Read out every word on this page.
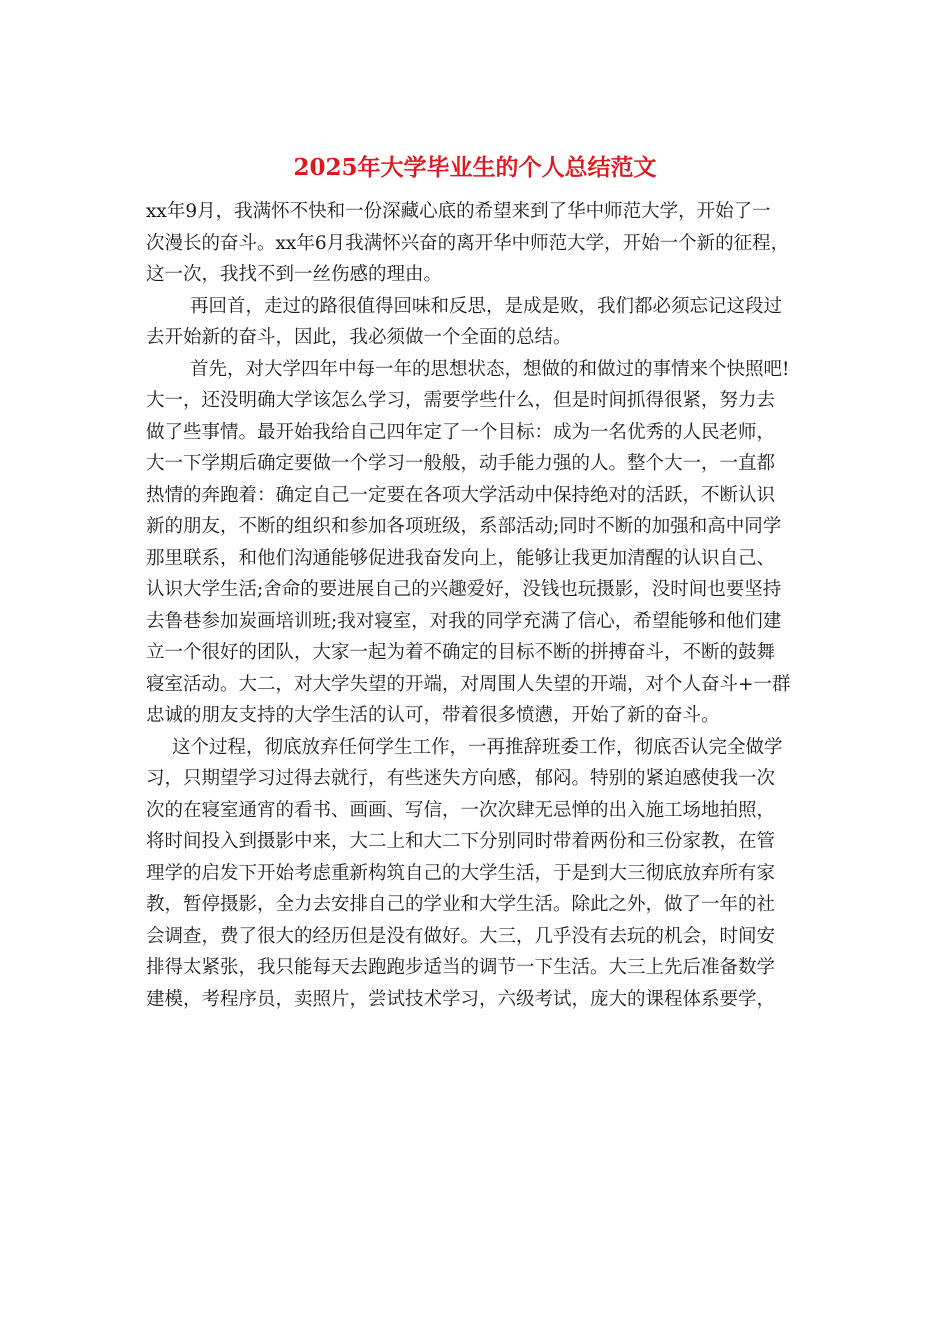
2025年大学毕业生的个人总结范文
xx年9月，我满怀不快和一份深藏心底的希望来到了华中师范大学，开始了一
次漫长的奋斗。xx年6月我满怀兴奋的离开华中师范大学，开始一个新的征程，
这一次，我找不到一丝伤感的理由。
再回首，走过的路很值得回味和反思，是成是败，我们都必须忘记这段过
去开始新的奋斗，因此，我必须做一个全面的总结。
首先，对大学四年中每一年的思想状态，想做的和做过的事情来个快照吧!
大一，还没明确大学该怎么学习，需要学些什么，但是时间抓得很紧，努力去
做了些事情。最开始我给自己四年定了一个目标：成为一名优秀的人民老师，
大一下学期后确定要做一个学习一般般，动手能力强的人。整个大一，一直都
热情的奔跑着：确定自己一定要在各项大学活动中保持绝对的活跃，不断认识
新的朋友，不断的组织和参加各项班级，系部活动;同时不断的加强和高中同学
那里联系，和他们沟通能够促进我奋发向上，能够让我更加清醒的认识自己、
认识大学生活;舍命的要进展自己的兴趣爱好，没钱也玩摄影，没时间也要坚持
去鲁巷参加炭画培训班;我对寝室，对我的同学充满了信心，希望能够和他们建
立一个很好的团队，大家一起为着不确定的目标不断的拼搏奋斗，不断的鼓舞
寝室活动。大二，对大学失望的开端，对周围人失望的开端，对个人奋斗+一群
忠诚的朋友支持的大学生活的认可，带着很多愤懑，开始了新的奋斗。
这个过程，彻底放弃任何学生工作，一再推辞班委工作，彻底否认完全做学
习，只期望学习过得去就行，有些迷失方向感，郁闷。特别的紧迫感使我一次
次的在寝室通宵的看书、画画、写信，一次次肆无忌惮的出入施工场地拍照，
将时间投入到摄影中来，大二上和大二下分别同时带着两份和三份家教，在管
理学的启发下开始考虑重新构筑自己的大学生活，于是到大三彻底放弃所有家
教，暂停摄影，全力去安排自己的学业和大学生活。除此之外，做了一年的社
会调查，费了很大的经历但是没有做好。大三，几乎没有去玩的机会，时间安
排得太紧张，我只能每天去跑跑步适当的调节一下生活。大三上先后准备数学
建模，考程序员，卖照片，尝试技术学习，六级考试，庞大的课程体系要学，
